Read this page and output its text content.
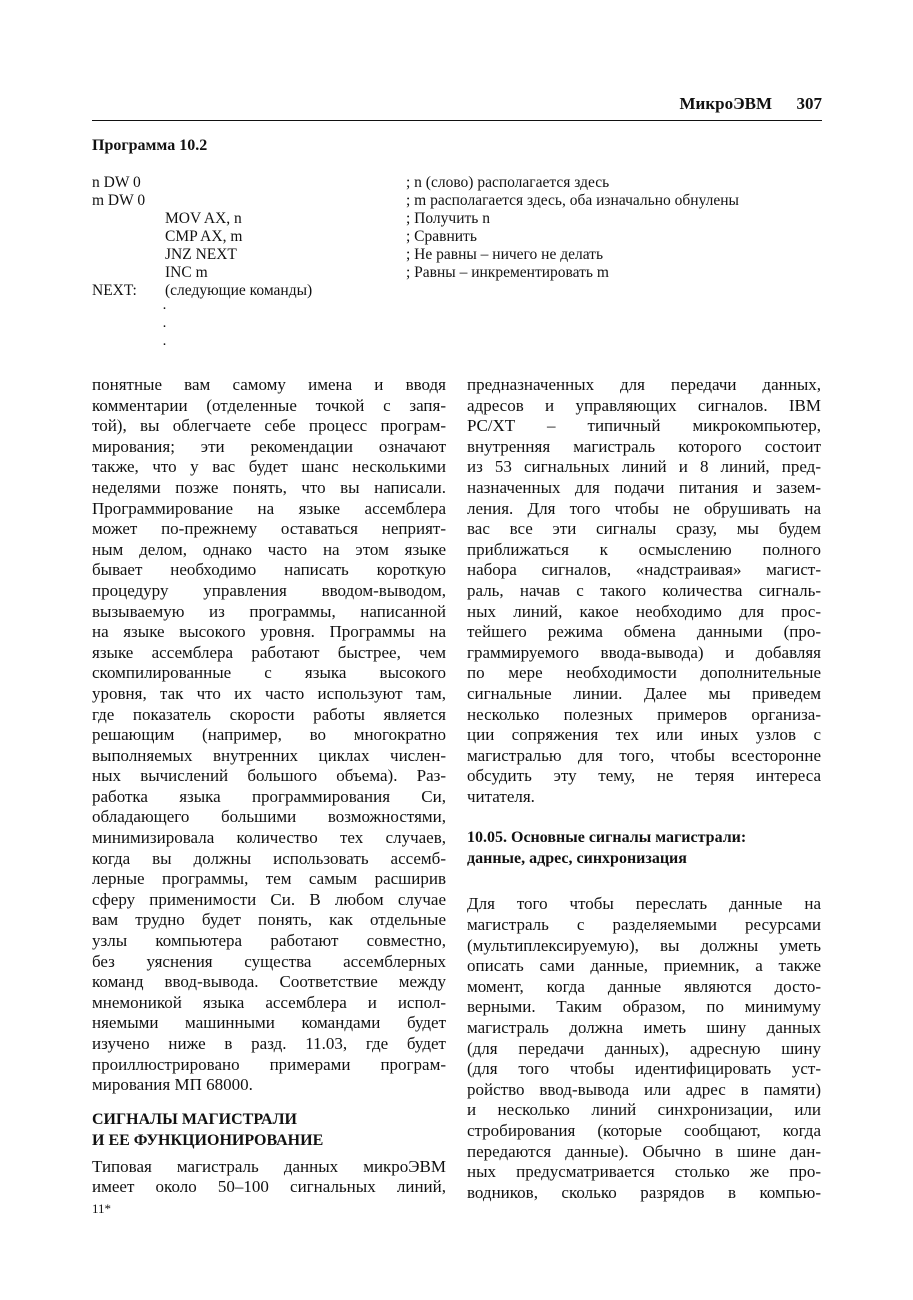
МикроЭВМ 307
Программа 10.2
n DW 0	; n (слово) располагается здесь
m DW 0	; m располагается здесь, оба изначально обнулены
MOV AX, n	; Получить n
CMP AX, m	; Сравнить
JNZ NEXT	; Не равны – ничего не делать
INC m	; Равны – инкрементировать m
NEXT: (следующие команды)
·
·
·
понятные вам самому имена и вводя
комментарии (отделенные точкой с запя-
той), вы облегчаете себе процесс програм-
мирования; эти рекомендации означают
также, что у вас будет шанс несколькими
неделями позже понять, что вы написали.
Программирование на языке ассемблера
может по-прежнему оставаться неприят-
ным делом, однако часто на этом языке
бывает необходимо написать короткую
процедуру управления вводом-выводом,
вызываемую из программы, написанной
на языке высокого уровня. Программы на
языке ассемблера работают быстрее, чем
скомпилированные с языка высокого
уровня, так что их часто используют там,
где показатель скорости работы является
решающим (например, во многократно
выполняемых внутренних циклах числен-
ных вычислений большого объема). Раз-
работка языка программирования Си,
обладающего большими возможностями,
минимизировала количество тех случаев,
когда вы должны использовать ассемб-
лерные программы, тем самым расширив
сферу применимости Си. В любом случае
вам трудно будет понять, как отдельные
узлы компьютера работают совместно,
без уяснения существа ассемблерных
команд ввод-вывода. Соответствие между
мнемоникой языка ассемблера и испол-
няемыми машинными командами будет
изучено ниже в разд. 11.03, где будет
проиллюстрировано примерами програм-
мирования МП 68000.
СИГНАЛЫ МАГИСТРАЛИ
И ЕЕ ФУНКЦИОНИРОВАНИЕ
Типовая магистраль данных микроЭВМ
имеет около 50–100 сигнальных линий,
предназначенных для передачи данных,
адресов и управляющих сигналов. IBM
PC/XT – типичный микрокомпьютер,
внутренняя магистраль которого состоит
из 53 сигнальных линий и 8 линий, пред-
назначенных для подачи питания и зазем-
ления. Для того чтобы не обрушивать на
вас все эти сигналы сразу, мы будем
приближаться к осмыслению полного
набора сигналов, «надстраивая» магист-
раль, начав с такого количества сигналь-
ных линий, какое необходимо для прос-
тейшего режима обмена данными (про-
граммируемого ввода-вывода) и добавляя
по мере необходимости дополнительные
сигнальные линии. Далее мы приведем
несколько полезных примеров организа-
ции сопряжения тех или иных узлов с
магистралью для того, чтобы всесторонне
обсудить эту тему, не теряя интереса
читателя.
10.05. Основные сигналы магистрали:
данные, адрес, синхронизация
Для того чтобы переслать данные на
магистраль с разделяемыми ресурсами
(мультиплексируемую), вы должны уметь
описать сами данные, приемник, а также
момент, когда данные являются досто-
верными. Таким образом, по минимуму
магистраль должна иметь шину данных
(для передачи данных), адресную шину
(для того чтобы идентифицировать уст-
ройство ввод-вывода или адрес в памяти)
и несколько линий синхронизации, или
стробирования (которые сообщают, когда
передаются данные). Обычно в шине дан-
ных предусматривается столько же про-
водников, сколько разрядов в компью-
11*
